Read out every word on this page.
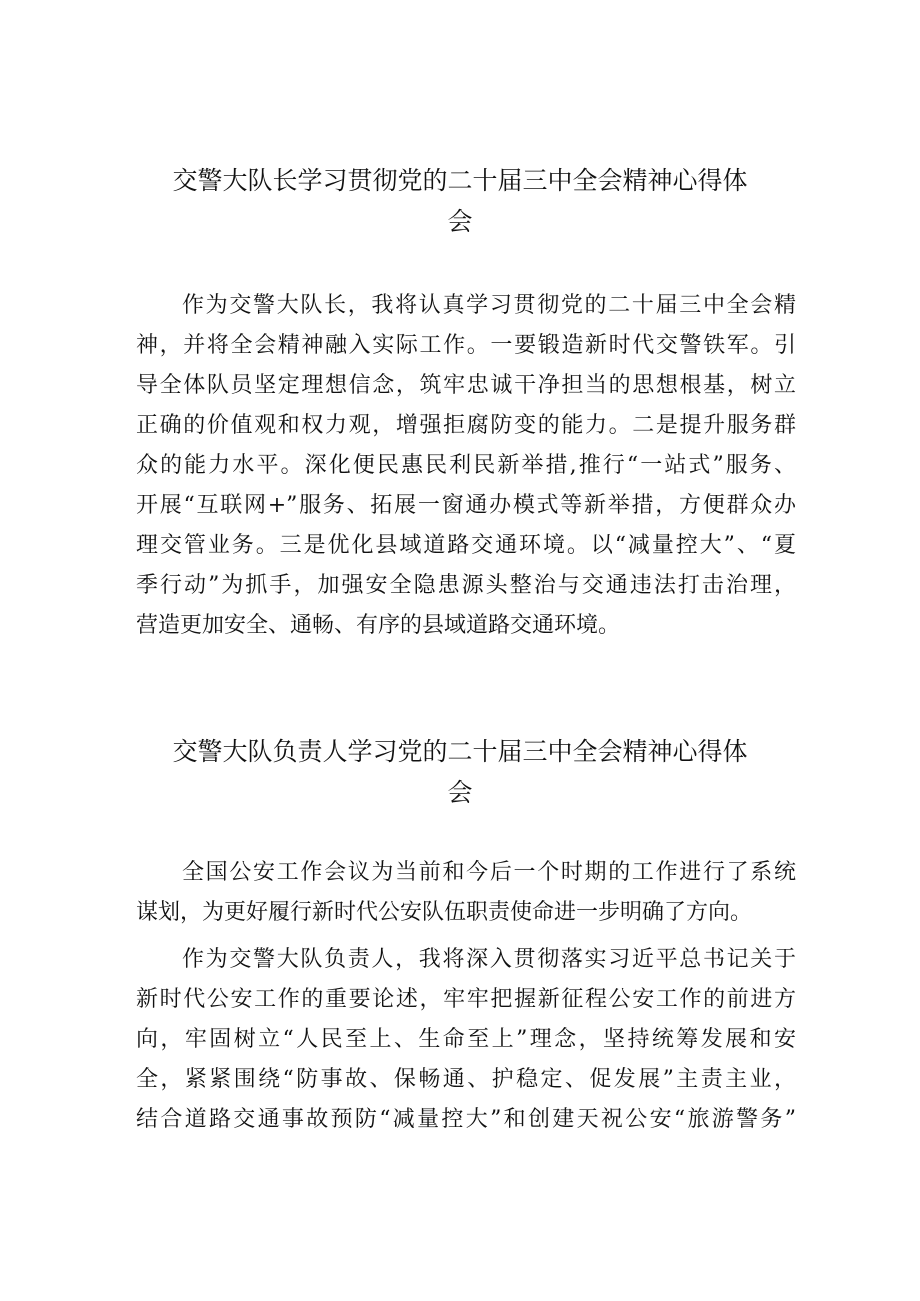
交警大队长学习贯彻党的二十届三中全会精神心得体
会
作为交警大队长，我将认真学习贯彻党的二十届三中全会精
神，并将全会精神融入实际工作。一要锻造新时代交警铁军。引
导全体队员坚定理想信念，筑牢忠诚干净担当的思想根基，树立
正确的价值观和权力观，增强拒腐防变的能力。二是提升服务群
众的能力水平。深化便民惠民利民新举措,推行“一站式”服务、
开展“互联网+”服务、拓展一窗通办模式等新举措，方便群众办
理交管业务。三是优化县域道路交通环境。以“减量控大”、“夏
季行动”为抓手，加强安全隐患源头整治与交通违法打击治理，
营造更加安全、通畅、有序的县域道路交通环境。
交警大队负责人学习党的二十届三中全会精神心得体
会
全国公安工作会议为当前和今后一个时期的工作进行了系统
谋划，为更好履行新时代公安队伍职责使命进一步明确了方向。
作为交警大队负责人，我将深入贯彻落实习近平总书记关于
新时代公安工作的重要论述，牢牢把握新征程公安工作的前进方
向，牢固树立“人民至上、生命至上”理念，坚持统筹发展和安
全，紧紧围绕“防事故、保畅通、护稳定、促发展”主责主业，
结合道路交通事故预防“减量控大”和创建天祝公安“旅游警务”
